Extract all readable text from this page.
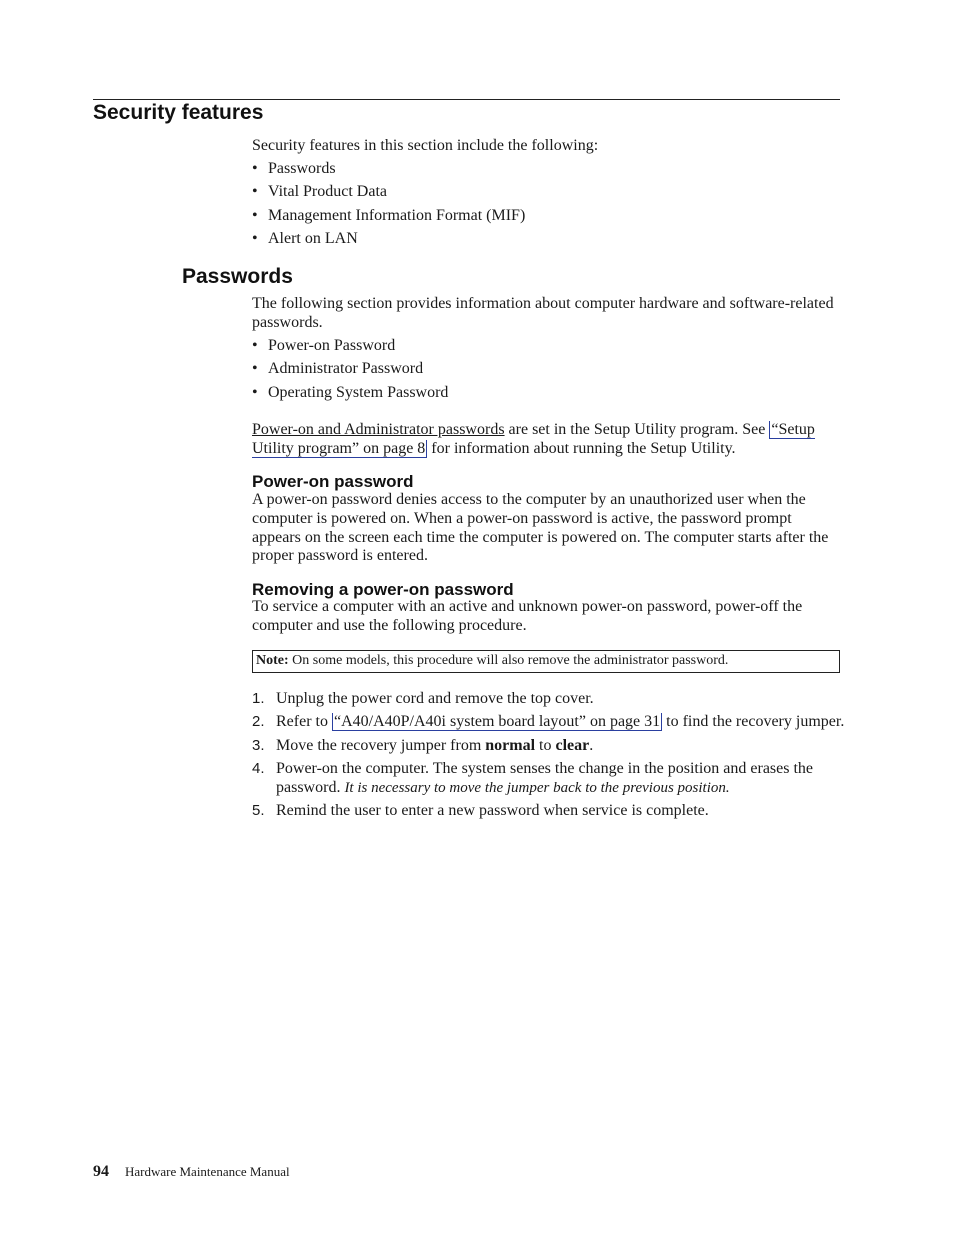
Security features

Security features in this section include the following:

• Passwords
• Vital Product Data
• Management Information Format (MIF)
• Alert on LAN
Passwords

The following section provides information about computer hardware and software-related passwords.

• Power-on Password
• Administrator Password
• Operating System Password

Power-on and Administrator passwords are set in the Setup Utility program. See “Setup Utility program” on page 8 for information about running the Setup Utility.

Power-on password

A power-on password denies access to the computer by an unauthorized user when the computer is powered on. When a power-on password is active, the password prompt appears on the screen each time the computer is powered on. The computer starts after the proper password is entered.

Removing a power-on password

To service a computer with an active and unknown power-on password, power-off the computer and use the following procedure.

Note: On some models, this procedure will also remove the administrator password.
1. Unplug the power cord and remove the top cover.
2. Refer to “A40/A40P/A40i system board layout” on page 31 to find the recovery jumper.
3. Move the recovery jumper from normal to clear.
4. Power-on the computer. The system senses the change in the position and erases the password. It is necessary to move the jumper back to the previous position.
5. Remind the user to enter a new password when service is complete.
94 Hardware Maintenance Manual
